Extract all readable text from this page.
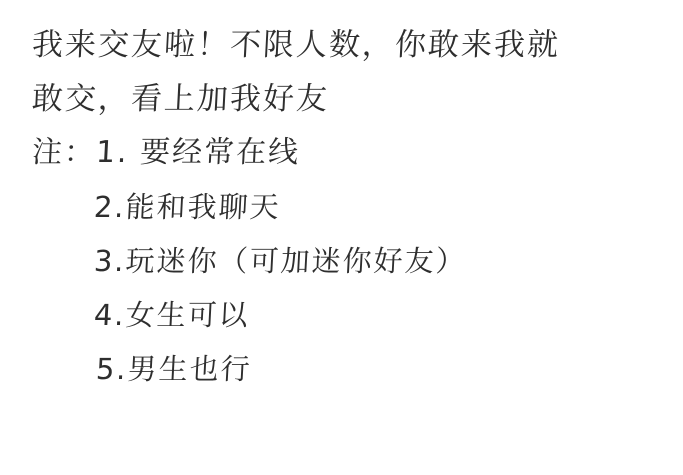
我来交友啦！不限人数，你敢来我就
敢交，看上加我好友
注：1. 要经常在线
2.能和我聊天
3.玩迷你（可加迷你好友）
4.女生可以
5.男生也行
